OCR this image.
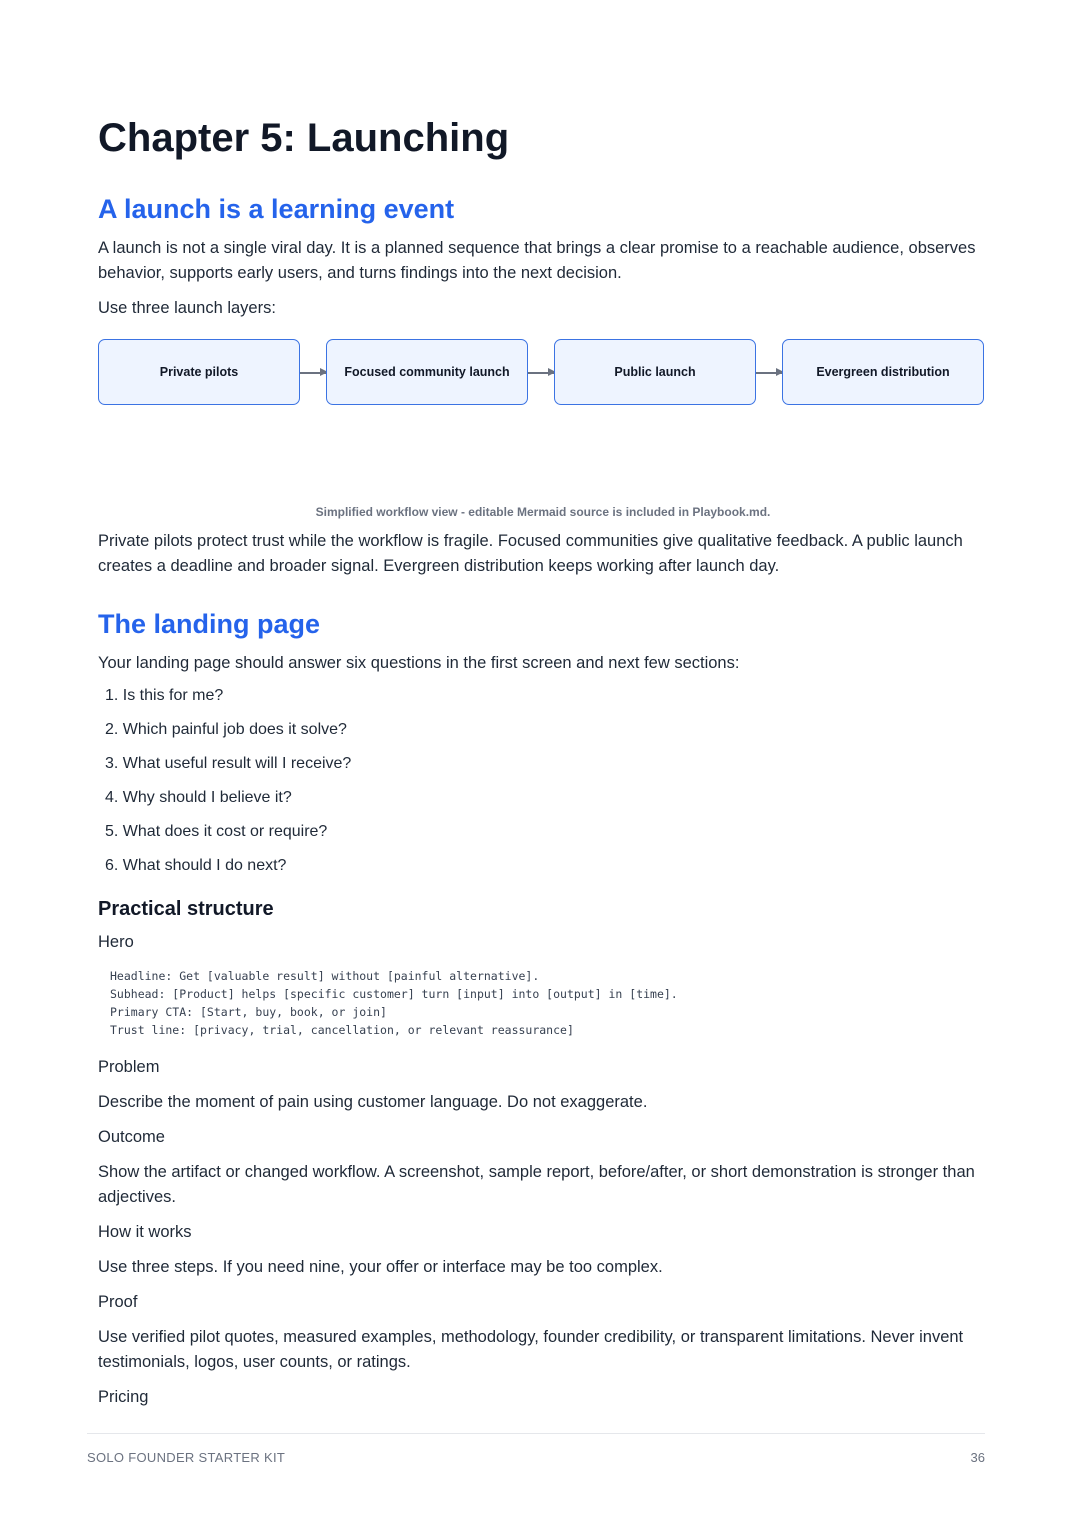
Chapter 5: Launching
A launch is a learning event

A launch is not a single viral day. It is a planned sequence that brings a clear promise to a reachable audience, observes behavior, supports early users, and turns findings into the next decision.

Use three launch layers:

Private pilots	Focused community launch	Public launch	Evergreen distribution
Simplified workflow view - editable Mermaid source is included in Playbook.md.

Private pilots protect trust while the workflow is fragile. Focused communities give qualitative feedback. A public launch creates a deadline and broader signal. Evergreen distribution keeps working after launch day.

The landing page

Your landing page should answer six questions in the first screen and next few sections:

1. Is this for me?
2. Which painful job does it solve?
3. What useful result will I receive?
4. Why should I believe it?
5. What does it cost or require?
6. What should I do next?
Practical structure

Hero

Headline: Get [valuable result] without [painful alternative].
Subhead: [Product] helps [specific customer] turn [input] into [output] in [time].
Primary CTA: [Start, buy, book, or join]
Trust line: [privacy, trial, cancellation, or relevant reassurance]

Problem

Describe the moment of pain using customer language. Do not exaggerate.

Outcome

Show the artifact or changed workflow. A screenshot, sample report, before/after, or short demonstration is stronger than adjectives.

How it works

Use three steps. If you need nine, your offer or interface may be too complex.

Proof

Use verified pilot quotes, measured examples, methodology, founder credibility, or transparent limitations. Never invent testimonials, logos, user counts, or ratings.

Pricing

SOLO FOUNDER STARTER KIT	36
